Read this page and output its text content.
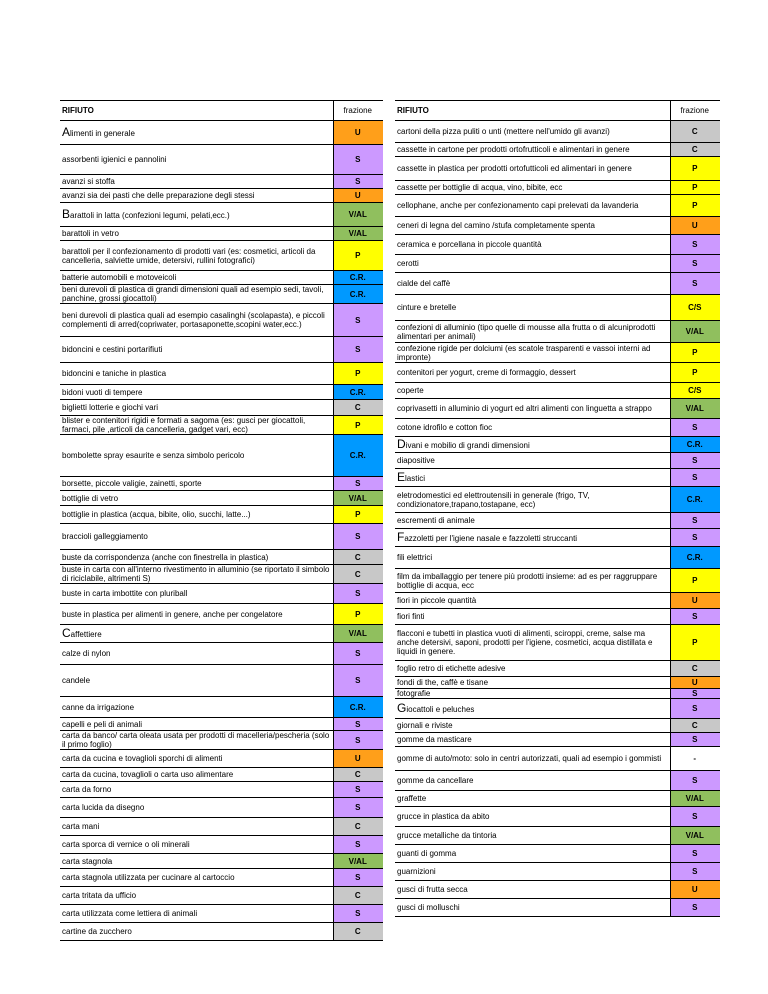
RIFIUTO	frazione
Alimenti in generale	U
assorbenti igienici e pannolini	S
avanzi si stoffa	S
avanzi sia dei pasti che delle preparazione degli stessi	U
Barattoli in latta (confezioni legumi, pelati,ecc.)	V/AL
barattoli in vetro	V/AL
barattoli per il confezionamento di prodotti vari (es: cosmetici, articoli da cancelleria, salviette umide, detersivi, rullini fotografici)	P
batterie automobili e motoveicoli	C.R.
beni durevoli di plastica di grandi dimensioni quali ad esempio sedi, tavoli, panchine, grossi giocattoli)	C.R.
beni durevoli di plastica quali ad esempio casalinghi (scolapasta), e piccoli complementi di arred(copriwater, portasaponette,scopini water,ecc.)	S
bidoncini e cestini portarifiuti	S
bidoncini e taniche in plastica	P
bidoni vuoti di tempere	C.R.
biglietti lotterie e giochi vari	C
blister e contenitori rigidi e formati a sagoma (es: gusci per giocattoli, farmaci, pile ,articoli da cancelleria, gadget vari, ecc)	P
bombolette spray esaurite e senza simbolo pericolo	C.R.
borsette, piccole valigie, zainetti, sporte	S
bottiglie di vetro	V/AL
bottiglie in plastica (acqua, bibite, olio, succhi, latte...)	P
braccioli galleggiamento	S
buste da corrispondenza (anche con finestrella in plastica)	C
buste in carta con all'interno rivestimento in alluminio (se riportato il simbolo di riciclabile, altrimenti S)	C
buste in carta imbottite con pluriball	S
buste in plastica per alimenti in genere, anche per congelatore	P
Caffettiere	V/AL
calze di nylon	S
candele	S
canne da irrigazione	C.R.
capelli e peli di animali	S
carta da banco/ carta oleata usata per prodotti di macelleria/pescheria (solo il primo foglio)	S
carta da cucina e tovaglioli sporchi di alimenti	U
carta da cucina, tovaglioli o carta uso alimentare	C
carta da forno	S
carta lucida da disegno	S
carta mani	C
carta sporca di vernice o oli minerali	S
carta stagnola	V/AL
carta stagnola utilizzata per cucinare al cartoccio	S
carta tritata da ufficio	C
carta utilizzata come lettiera di animali	S
cartine da zucchero	C
RIFIUTO	frazione
cartoni della pizza puliti o unti (mettere nell'umido gli avanzi)	C
cassette in cartone per prodotti ortofrutticoli e alimentari in genere	C
cassette in plastica per prodotti ortofutticoli ed alimentari in genere	P
cassette per bottiglie di acqua, vino, bibite, ecc	P
cellophane, anche per confezionamento capi prelevati da lavanderia	P
ceneri di legna del camino /stufa completamente spenta	U
ceramica e porcellana in piccole quantità	S
cerotti	S
cialde del caffè	S
cinture e bretelle	C/S
confezioni di alluminio (tipo quelle di mousse alla frutta o di alcuniprodotti alimentari per animali)	V/AL
confezione rigide per dolciumi (es scatole trasparenti e vassoi interni ad impronte)	P
contenitori per yogurt, creme di formaggio, dessert	P
coperte	C/S
coprivasetti in alluminio di yogurt ed altri alimenti con linguetta a strappo	V/AL
cotone idrofilo e cotton fioc	S
Divani e mobilio di grandi dimensioni	C.R.
diapositive	S
Elastici	S
eletrodomestici ed elettroutensili in generale (frigo, TV, condizionatore,trapano,tostapane, ecc)	C.R.
escrementi di animale	S
Fazzoletti per l'igiene nasale e fazzoletti struccanti	S
fili elettrici	C.R.
film da imballaggio per tenere più prodotti insieme: ad es per raggruppare bottiglie di acqua, ecc	P
fiori in piccole quantità	U
fiori finti	S
flacconi e tubetti in plastica vuoti di alimenti, sciroppi, creme, salse ma anche detersivi, saponi, prodotti per l'igiene, cosmetici, acqua distillata e liquidi in genere.	P
foglio retro di etichette adesive	C
fondi di the, caffè e tisane	U
fotografie	S
Giocattoli e peluches	S
giornali e riviste	C
gomme da masticare	S
gomme di auto/moto: solo in centri autorizzati, quali ad esempio i gommisti	-
gomme da cancellare	S
graffette	V/AL
grucce in plastica da abito	S
grucce metalliche da tintoria	V/AL
guanti di gomma	S
guarnizioni	S
gusci di frutta secca	U
gusci di molluschi	S
